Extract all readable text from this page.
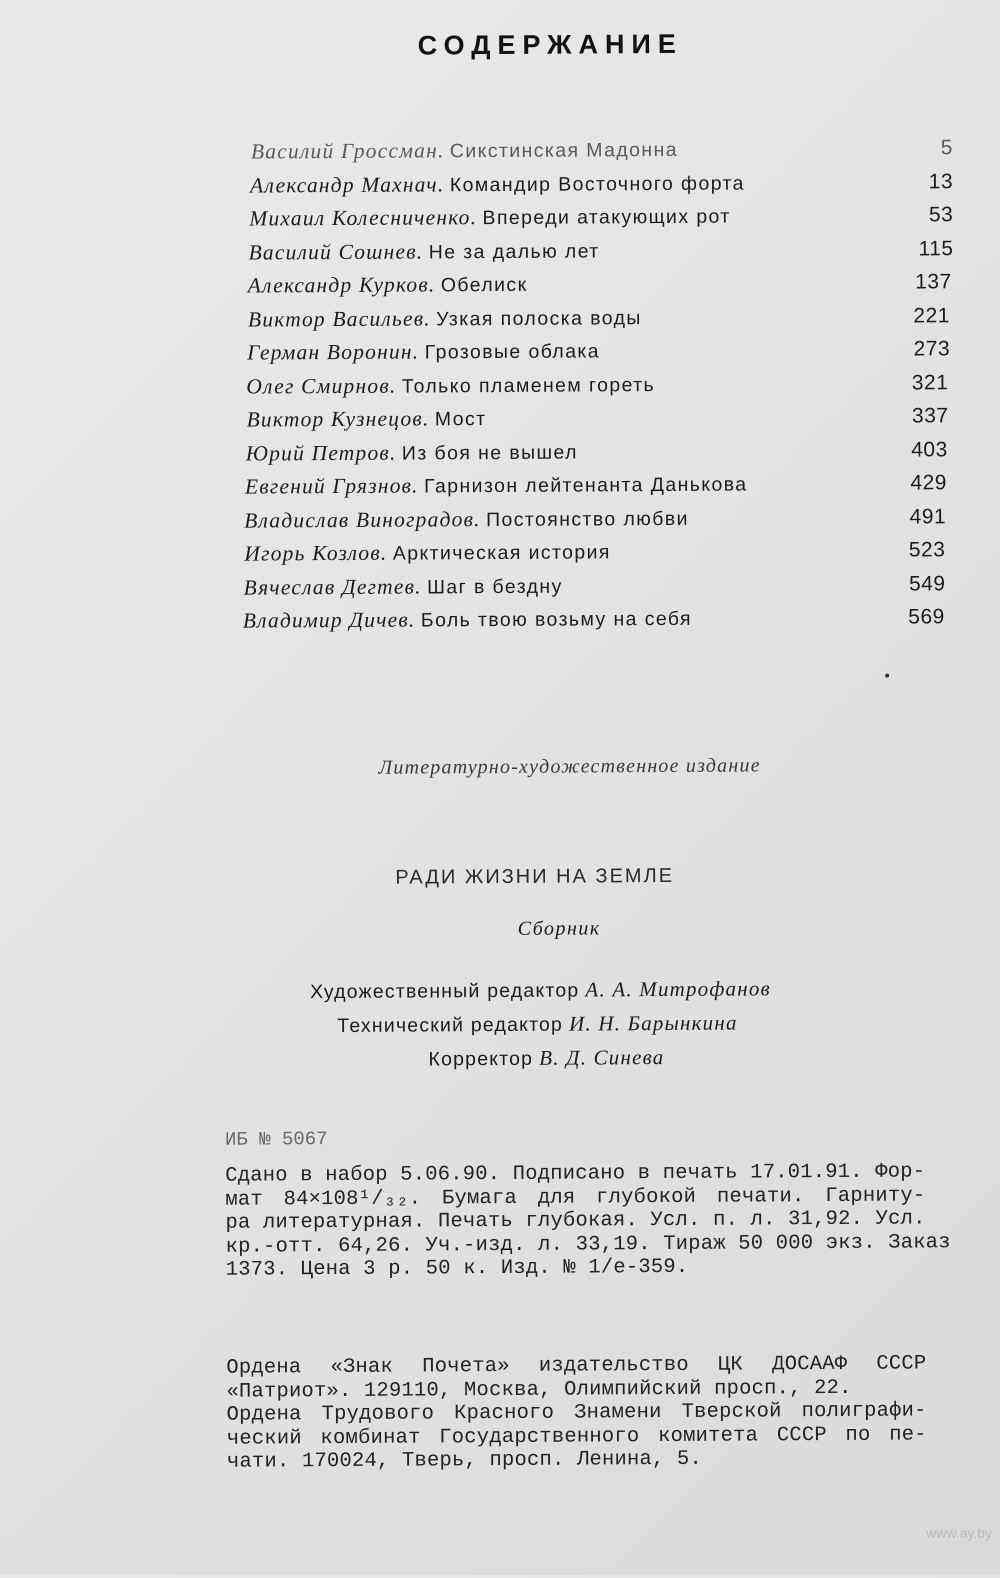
СОДЕРЖАНИЕ
Василий Гроссман. Сикстинская Мадонна	5
Александр Махнач. Командир Восточного форта	13
Михаил Колесниченко. Впереди атакующих рот	53
Василий Сошнев. Не за далью лет	115
Александр Курков. Обелиск	137
Виктор Васильев. Узкая полоска воды	221
Герман Воронин. Грозовые облака	273
Олег Смирнов. Только пламенем гореть	321
Виктор Кузнецов. Мост	337
Юрий Петров. Из боя не вышел	403
Евгений Грязнов. Гарнизон лейтенанта Данькова	429
Владислав Виноградов. Постоянство любви	491
Игорь Козлов. Арктическая история	523
Вячеслав Дегтев. Шаг в бездну	549
Владимир Дичев. Боль твою возьму на себя	569
Литературно-художественное издание
РАДИ ЖИЗНИ НА ЗЕМЛЕ
Сборник
Художественный редактор А. А. Митрофанов
Технический редактор И. Н. Барынкина
Корректор В. Д. Синева
ИБ № 5067
Сдано в набор 5.06.90. Подписано в печать 17.01.91. Фор-
мат 84×108¹/₃₂. Бумага для глубокой печати. Гарниту-
ра литературная. Печать глубокая. Усл. п. л. 31,92. Усл.
кр.-отт. 64,26. Уч.-изд. л. 33,19. Тираж 50 000 экз. Заказ
1373. Цена 3 р. 50 к. Изд. № 1/е-359.
Ордена «Знак Почета» издательство ЦК ДОСААФ СССР
«Патриот». 129110, Москва, Олимпийский просп., 22.
Ордена Трудового Красного Знамени Тверской полиграфи-
ческий комбинат Государственного комитета СССР по пе-
чати. 170024, Тверь, просп. Ленина, 5.
www.ay.by
